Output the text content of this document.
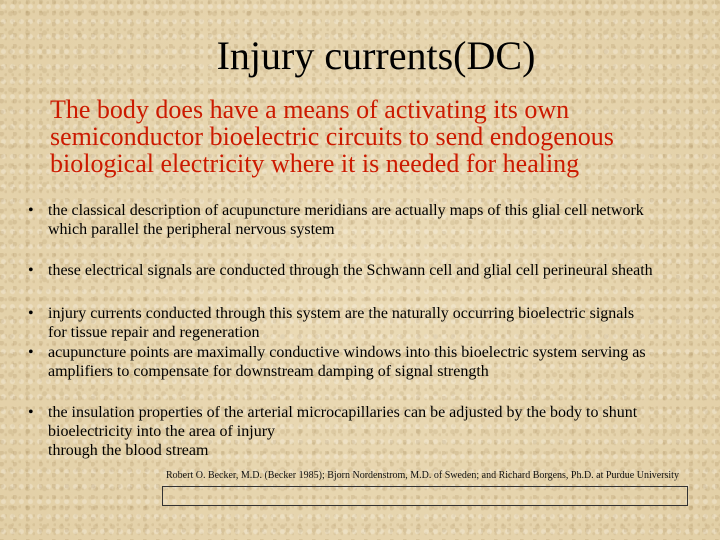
Injury currents(DC)
The body does have a means of activating its own
semiconductor bioelectric circuits to send endogenous
biological electricity where it is needed for healing
• the classical description of acupuncture meridians are actually maps of this glial cell network
which parallel the peripheral nervous system
• these electrical signals are conducted through the Schwann cell and glial cell perineural sheath
• injury currents conducted through this system are the naturally occurring bioelectric signals
for tissue repair and regeneration
• acupuncture points are maximally conductive windows into this bioelectric system serving as
amplifiers to compensate for downstream damping of signal strength
• the insulation properties of the arterial microcapillaries can be adjusted by the body to shunt
bioelectricity into the area of injury
through the blood stream
Robert O. Becker, M.D. (Becker 1985); Bjorn Nordenstrom, M.D. of Sweden; and Richard Borgens, Ph.D. at Purdue University
